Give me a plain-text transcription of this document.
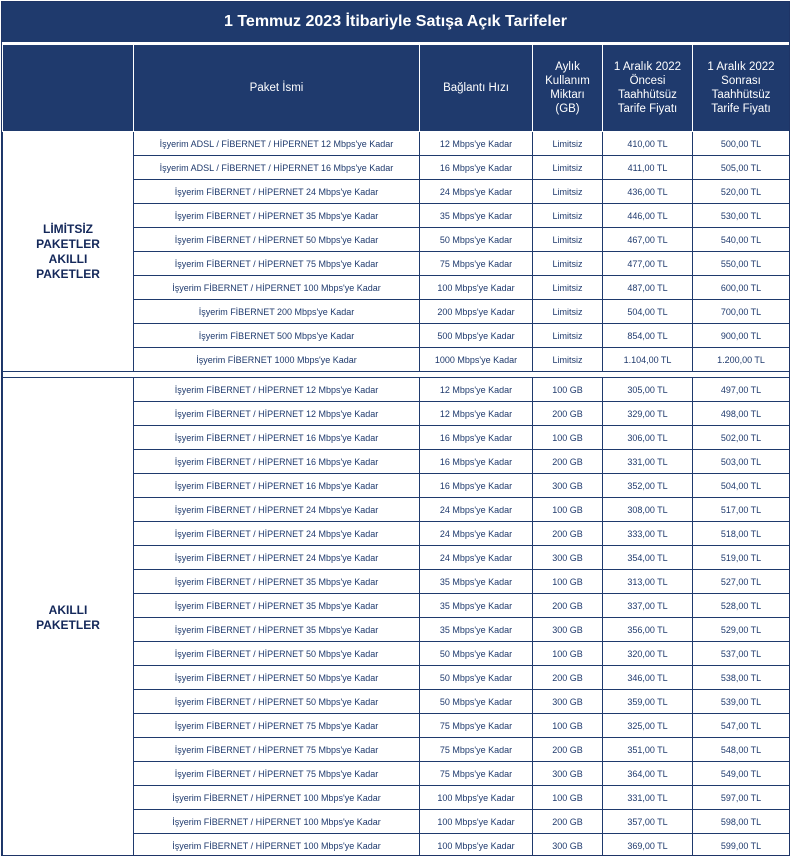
1 Temmuz 2023 İtibariyle Satışa Açık Tarifeler
	Paket İsmi	Bağlantı Hızı	Aylık
Kullanım
Miktarı
(GB)	1 Aralık 2022
Öncesi
Taahhütsüz
Tarife Fiyatı	1 Aralık 2022
Sonrası
Taahhütsüz
Tarife Fiyatı

LİMİTSİZ
PAKETLER
AKILLI
PAKETLER	İşyerim ADSL / FİBERNET / HİPERNET 12 Mbps'ye Kadar	12 Mbps'ye Kadar	Limitsiz	410,00 TL	500,00 TL
	İşyerim ADSL / FİBERNET / HİPERNET 16 Mbps'ye Kadar	16 Mbps'ye Kadar	Limitsiz	411,00 TL	505,00 TL
	İşyerim FİBERNET / HİPERNET 24 Mbps'ye Kadar	24 Mbps'ye Kadar	Limitsiz	436,00 TL	520,00 TL
	İşyerim FİBERNET / HİPERNET 35 Mbps'ye Kadar	35 Mbps'ye Kadar	Limitsiz	446,00 TL	530,00 TL
	İşyerim FİBERNET / HİPERNET 50 Mbps'ye Kadar	50 Mbps'ye Kadar	Limitsiz	467,00 TL	540,00 TL
	İşyerim FİBERNET / HİPERNET 75 Mbps'ye Kadar	75 Mbps'ye Kadar	Limitsiz	477,00 TL	550,00 TL
	İşyerim FİBERNET / HİPERNET 100 Mbps'ye Kadar	100 Mbps'ye Kadar	Limitsiz	487,00 TL	600,00 TL
	İşyerim FİBERNET 200 Mbps'ye Kadar	200 Mbps'ye Kadar	Limitsiz	504,00 TL	700,00 TL
	İşyerim FİBERNET 500 Mbps'ye Kadar	500 Mbps'ye Kadar	Limitsiz	854,00 TL	900,00 TL
	İşyerim FİBERNET 1000 Mbps'ye Kadar	1000 Mbps'ye Kadar	Limitsiz	1.104,00 TL	1.200,00 TL

AKILLI
PAKETLER	İşyerim FİBERNET / HİPERNET 12 Mbps'ye Kadar	12 Mbps'ye Kadar	100 GB	305,00 TL	497,00 TL
	İşyerim FİBERNET / HİPERNET 12 Mbps'ye Kadar	12 Mbps'ye Kadar	200 GB	329,00 TL	498,00 TL
	İşyerim FİBERNET / HİPERNET 16 Mbps'ye Kadar	16 Mbps'ye Kadar	100 GB	306,00 TL	502,00 TL
	İşyerim FİBERNET / HİPERNET 16 Mbps'ye Kadar	16 Mbps'ye Kadar	200 GB	331,00 TL	503,00 TL
	İşyerim FİBERNET / HİPERNET 16 Mbps'ye Kadar	16 Mbps'ye Kadar	300 GB	352,00 TL	504,00 TL
	İşyerim FİBERNET / HİPERNET 24 Mbps'ye Kadar	24 Mbps'ye Kadar	100 GB	308,00 TL	517,00 TL
	İşyerim FİBERNET / HİPERNET 24 Mbps'ye Kadar	24 Mbps'ye Kadar	200 GB	333,00 TL	518,00 TL
	İşyerim FİBERNET / HİPERNET 24 Mbps'ye Kadar	24 Mbps'ye Kadar	300 GB	354,00 TL	519,00 TL
	İşyerim FİBERNET / HİPERNET 35 Mbps'ye Kadar	35 Mbps'ye Kadar	100 GB	313,00 TL	527,00 TL
	İşyerim FİBERNET / HİPERNET 35 Mbps'ye Kadar	35 Mbps'ye Kadar	200 GB	337,00 TL	528,00 TL
	İşyerim FİBERNET / HİPERNET 35 Mbps'ye Kadar	35 Mbps'ye Kadar	300 GB	356,00 TL	529,00 TL
	İşyerim FİBERNET / HİPERNET 50 Mbps'ye Kadar	50 Mbps'ye Kadar	100 GB	320,00 TL	537,00 TL
	İşyerim FİBERNET / HİPERNET 50 Mbps'ye Kadar	50 Mbps'ye Kadar	200 GB	346,00 TL	538,00 TL
	İşyerim FİBERNET / HİPERNET 50 Mbps'ye Kadar	50 Mbps'ye Kadar	300 GB	359,00 TL	539,00 TL
	İşyerim FİBERNET / HİPERNET 75 Mbps'ye Kadar	75 Mbps'ye Kadar	100 GB	325,00 TL	547,00 TL
	İşyerim FİBERNET / HİPERNET 75 Mbps'ye Kadar	75 Mbps'ye Kadar	200 GB	351,00 TL	548,00 TL
	İşyerim FİBERNET / HİPERNET 75 Mbps'ye Kadar	75 Mbps'ye Kadar	300 GB	364,00 TL	549,00 TL
	İşyerim FİBERNET / HİPERNET 100 Mbps'ye Kadar	100 Mbps'ye Kadar	100 GB	331,00 TL	597,00 TL
	İşyerim FİBERNET / HİPERNET 100 Mbps'ye Kadar	100 Mbps'ye Kadar	200 GB	357,00 TL	598,00 TL
	İşyerim FİBERNET / HİPERNET 100 Mbps'ye Kadar	100 Mbps'ye Kadar	300 GB	369,00 TL	599,00 TL
